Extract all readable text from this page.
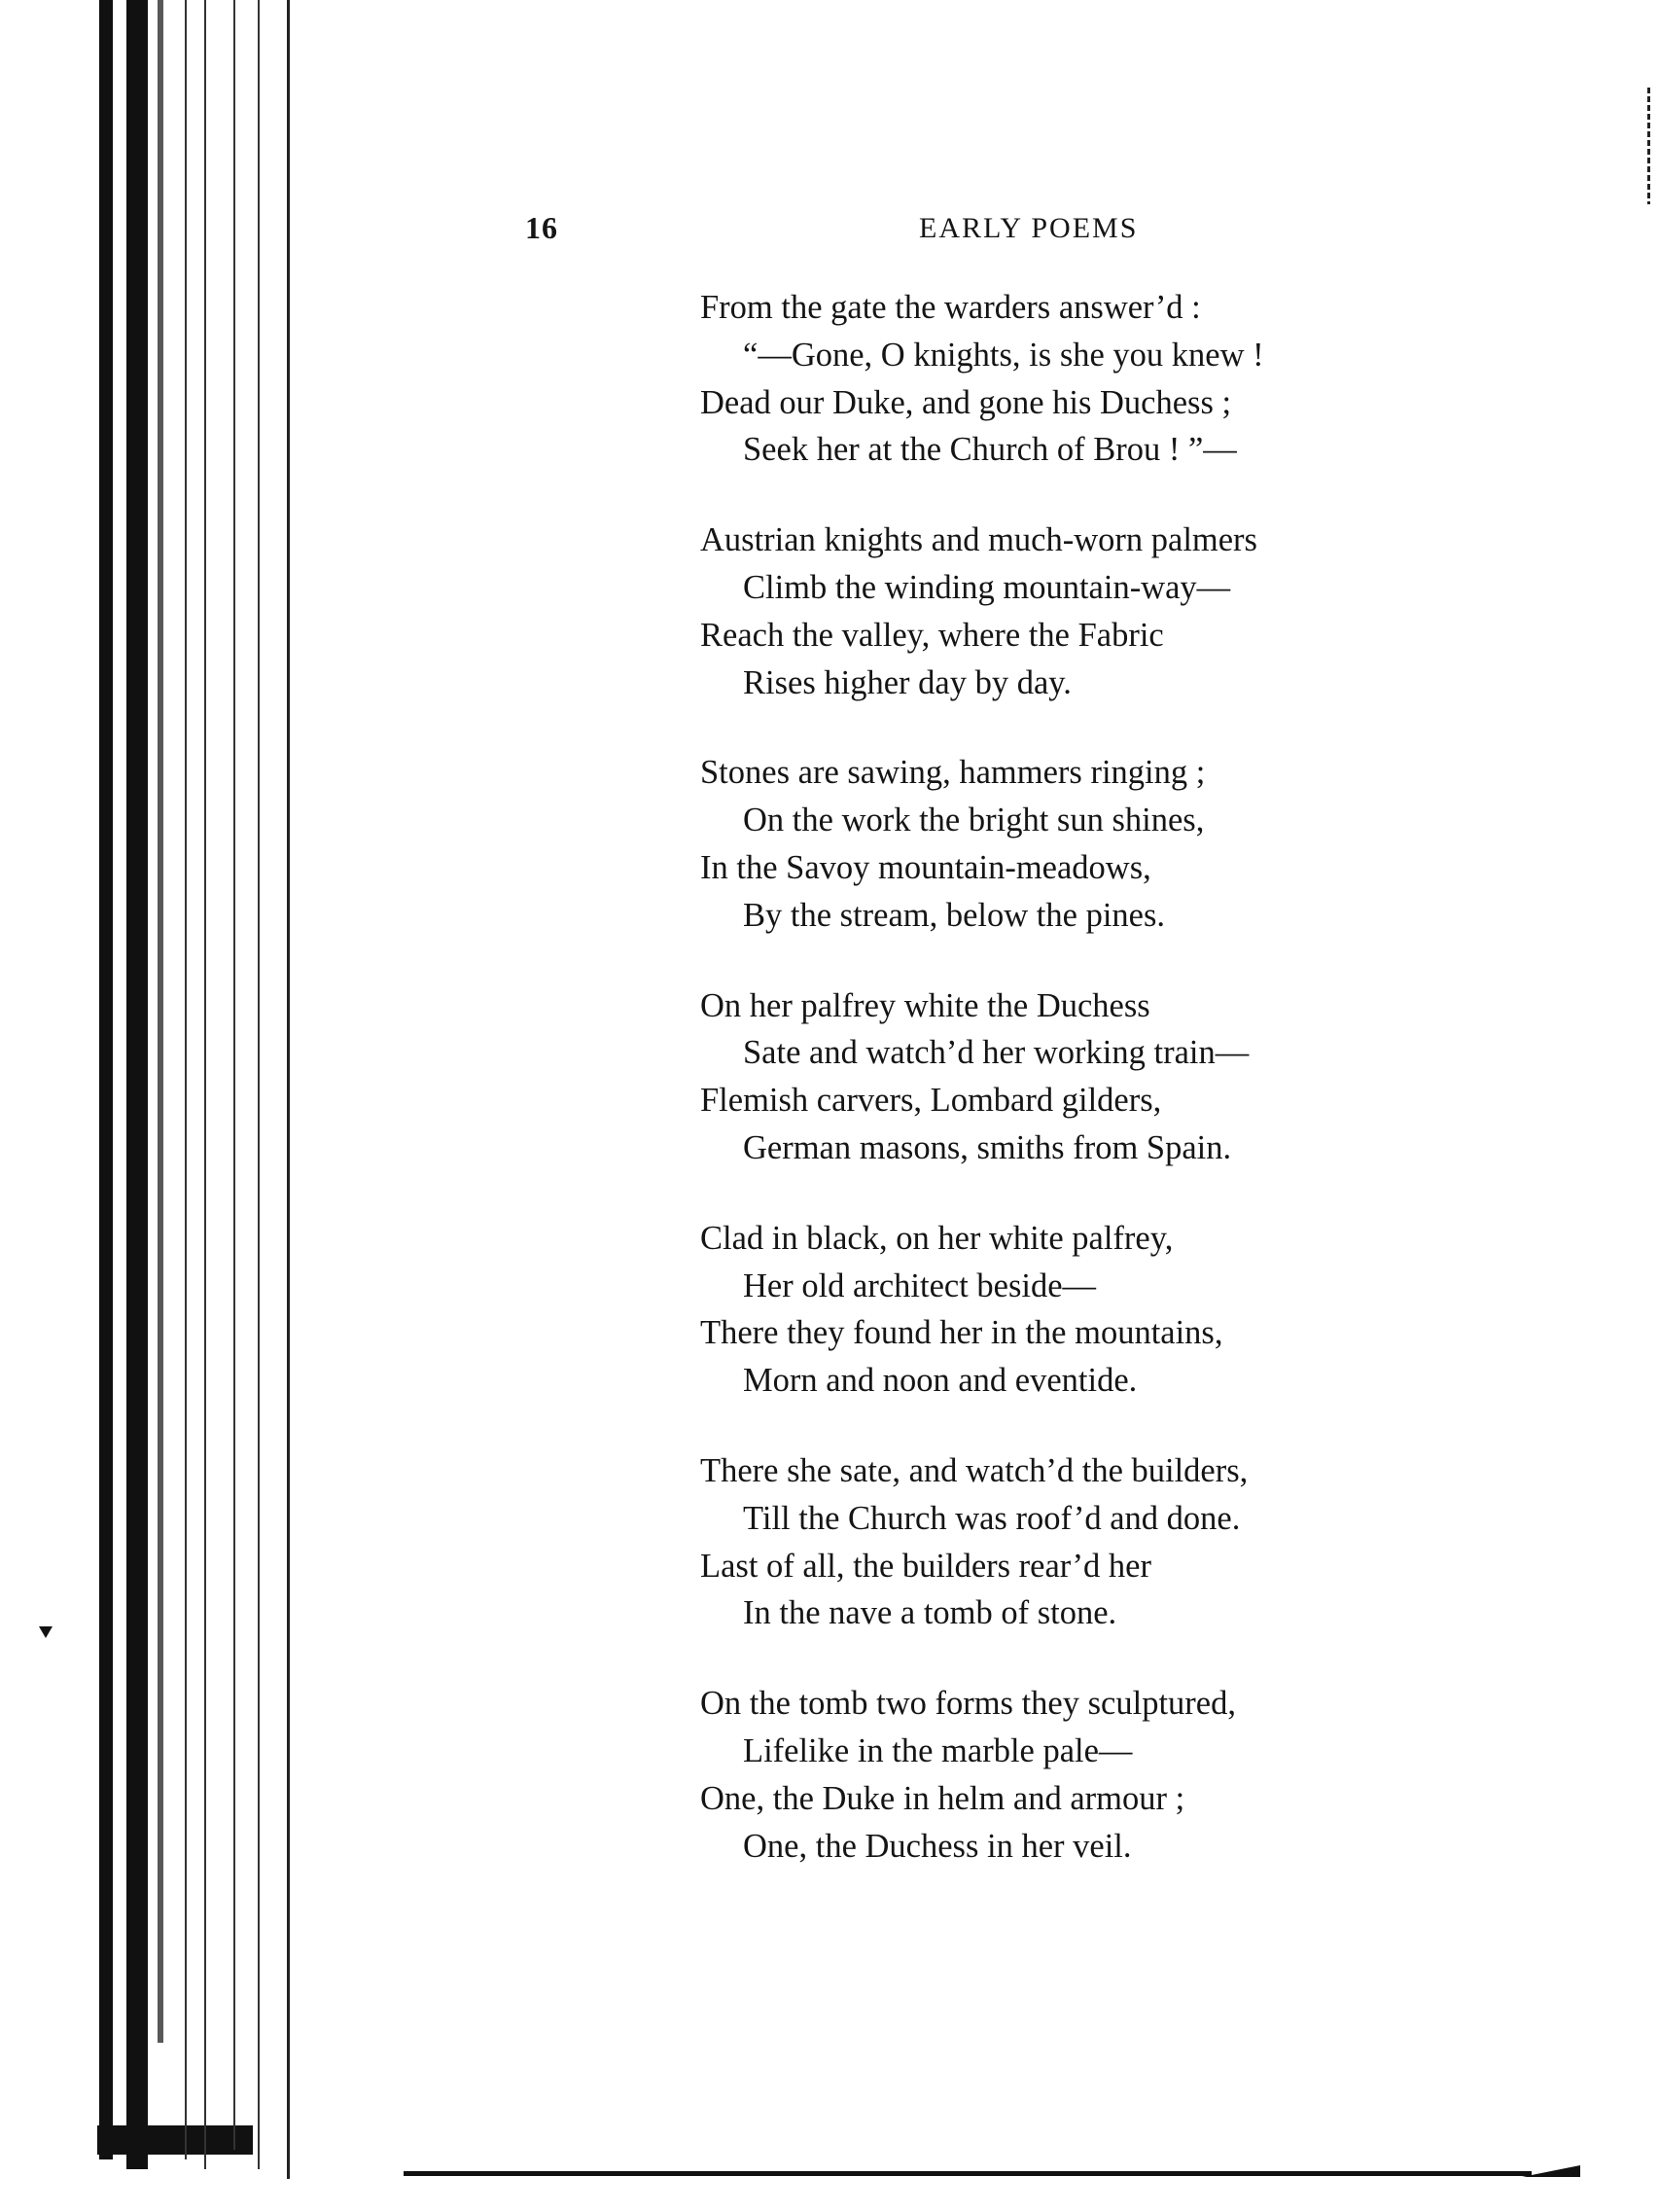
16	EARLY POEMS
From the gate the warders answer’d :
“—Gone, O knights, is she you knew !
Dead our Duke, and gone his Duchess ;
Seek her at the Church of Brou ! ”—
Austrian knights and much-worn palmers
Climb the winding mountain-way—
Reach the valley, where the Fabric
Rises higher day by day.
Stones are sawing, hammers ringing ;
On the work the bright sun shines,
In the Savoy mountain-meadows,
By the stream, below the pines.
On her palfrey white the Duchess
Sate and watch’d her working train—
Flemish carvers, Lombard gilders,
German masons, smiths from Spain.
Clad in black, on her white palfrey,
Her old architect beside—
There they found her in the mountains,
Morn and noon and eventide.
There she sate, and watch’d the builders,
Till the Church was roof’d and done.
Last of all, the builders rear’d her
In the nave a tomb of stone.
On the tomb two forms they sculptured,
Lifelike in the marble pale—
One, the Duke in helm and armour ;
One, the Duchess in her veil.
